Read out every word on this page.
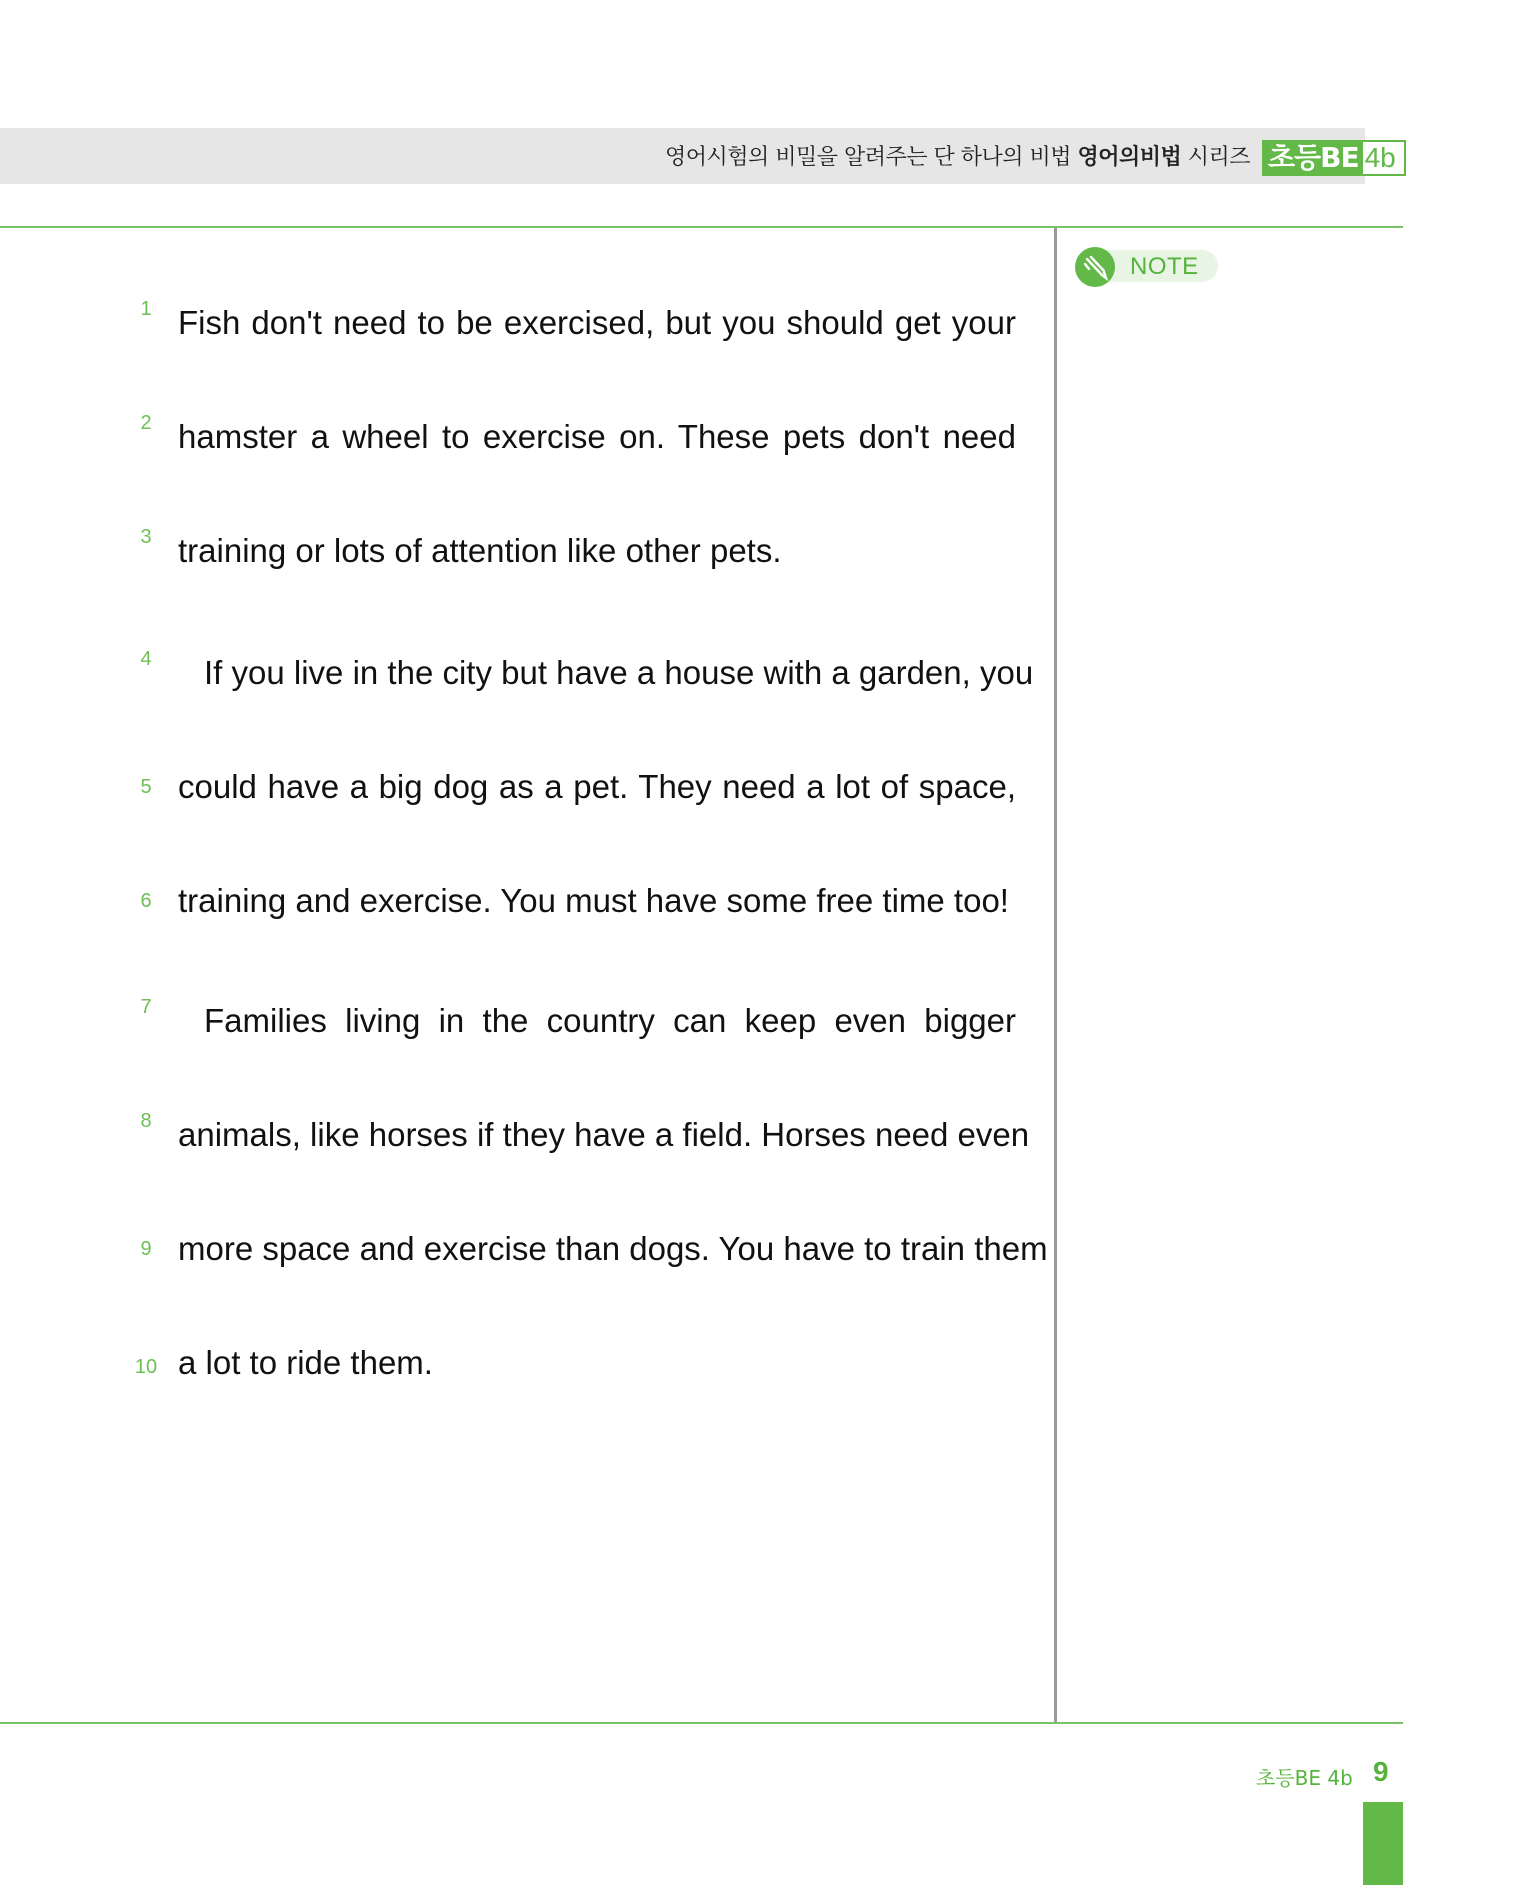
영어시험의 비밀을 알려주는 단 하나의 비법 영어의비법 시리즈 초등BE 4b
NOTE
1 Fish don't need to be exercised, but you should get your
2 hamster a wheel to exercise on. These pets don't need
3 training or lots of attention like other pets.
4	If you live in the city but have a house with a garden, you
5 could have a big dog as a pet. They need a lot of space,
6 training and exercise. You must have some free time too!
7	Families living in the country can keep even bigger
8 animals, like horses if they have a field. Horses need even
9 more space and exercise than dogs. You have to train them
10 a lot to ride them.
초등BE 4b 9
